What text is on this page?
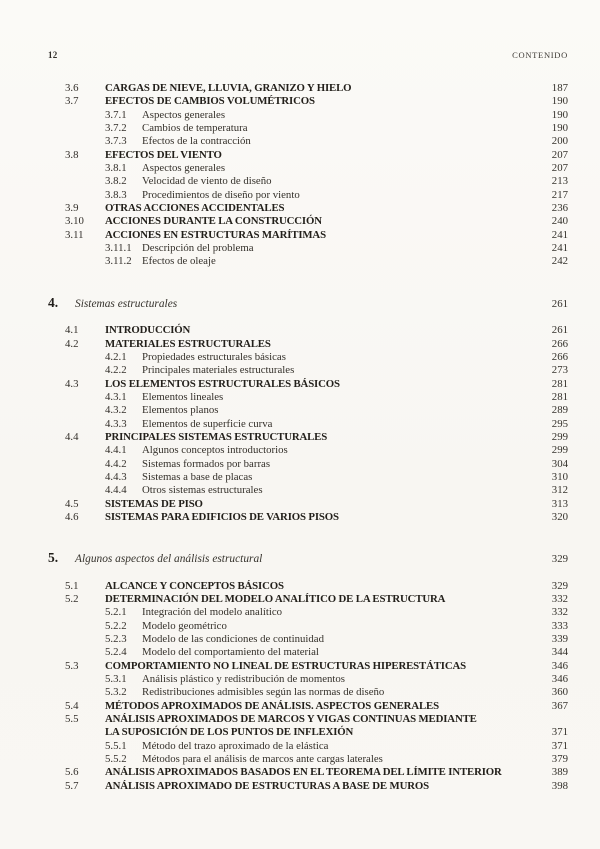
12	CONTENIDO
3.6	CARGAS DE NIEVE, LLUVIA, GRANIZO Y HIELO	187
3.7	EFECTOS DE CAMBIOS VOLUMÉTRICOS	190
3.7.1	Aspectos generales	190
3.7.2	Cambios de temperatura	190
3.7.3	Efectos de la contracción	200
3.8	EFECTOS DEL VIENTO	207
3.8.1	Aspectos generales	207
3.8.2	Velocidad de viento de diseño	213
3.8.3	Procedimientos de diseño por viento	217
3.9	OTRAS ACCIONES ACCIDENTALES	236
3.10	ACCIONES DURANTE LA CONSTRUCCIÓN	240
3.11	ACCIONES EN ESTRUCTURAS MARÍTIMAS	241
3.11.1 Descripción del problema	241
3.11.2 Efectos de oleaje	242
4.	Sistemas estructurales	261
4.1	INTRODUCCIÓN	261
4.2	MATERIALES ESTRUCTURALES	266
4.2.1	Propiedades estructurales básicas	266
4.2.2	Principales materiales estructurales	273
4.3	LOS ELEMENTOS ESTRUCTURALES BÁSICOS	281
4.3.1	Elementos lineales	281
4.3.2	Elementos planos	289
4.3.3	Elementos de superficie curva	295
4.4	PRINCIPALES SISTEMAS ESTRUCTURALES	299
4.4.1	Algunos conceptos introductorios	299
4.4.2	Sistemas formados por barras	304
4.4.3	Sistemas a base de placas	310
4.4.4	Otros sistemas estructurales	312
4.5	SISTEMAS DE PISO	313
4.6	SISTEMAS PARA EDIFICIOS DE VARIOS PISOS	320
5.	Algunos aspectos del análisis estructural	329
5.1	ALCANCE Y CONCEPTOS BÁSICOS	329
5.2	DETERMINACIÓN DEL MODELO ANALÍTICO DE LA ESTRUCTURA	332
5.2.1	Integración del modelo analítico	332
5.2.2	Modelo geométrico	333
5.2.3	Modelo de las condiciones de continuidad	339
5.2.4	Modelo del comportamiento del material	344
5.3	COMPORTAMIENTO NO LINEAL DE ESTRUCTURAS HIPERESTÁTICAS	346
5.3.1	Análisis plástico y redistribución de momentos	346
5.3.2	Redistribuciones admisibles según las normas de diseño	360
5.4	MÉTODOS APROXIMADOS DE ANÁLISIS. ASPECTOS GENERALES	367
5.5	ANÁLISIS APROXIMADOS DE MARCOS Y VIGAS CONTINUAS MEDIANTE
LA SUPOSICIÓN DE LOS PUNTOS DE INFLEXIÓN	371
5.5.1	Método del trazo aproximado de la elástica	371
5.5.2	Métodos para el análisis de marcos ante cargas laterales	379
5.6	ANÁLISIS APROXIMADOS BASADOS EN EL TEOREMA DEL LÍMITE INTERIOR	389
5.7	ANÁLISIS APROXIMADO DE ESTRUCTURAS A BASE DE MUROS	398
